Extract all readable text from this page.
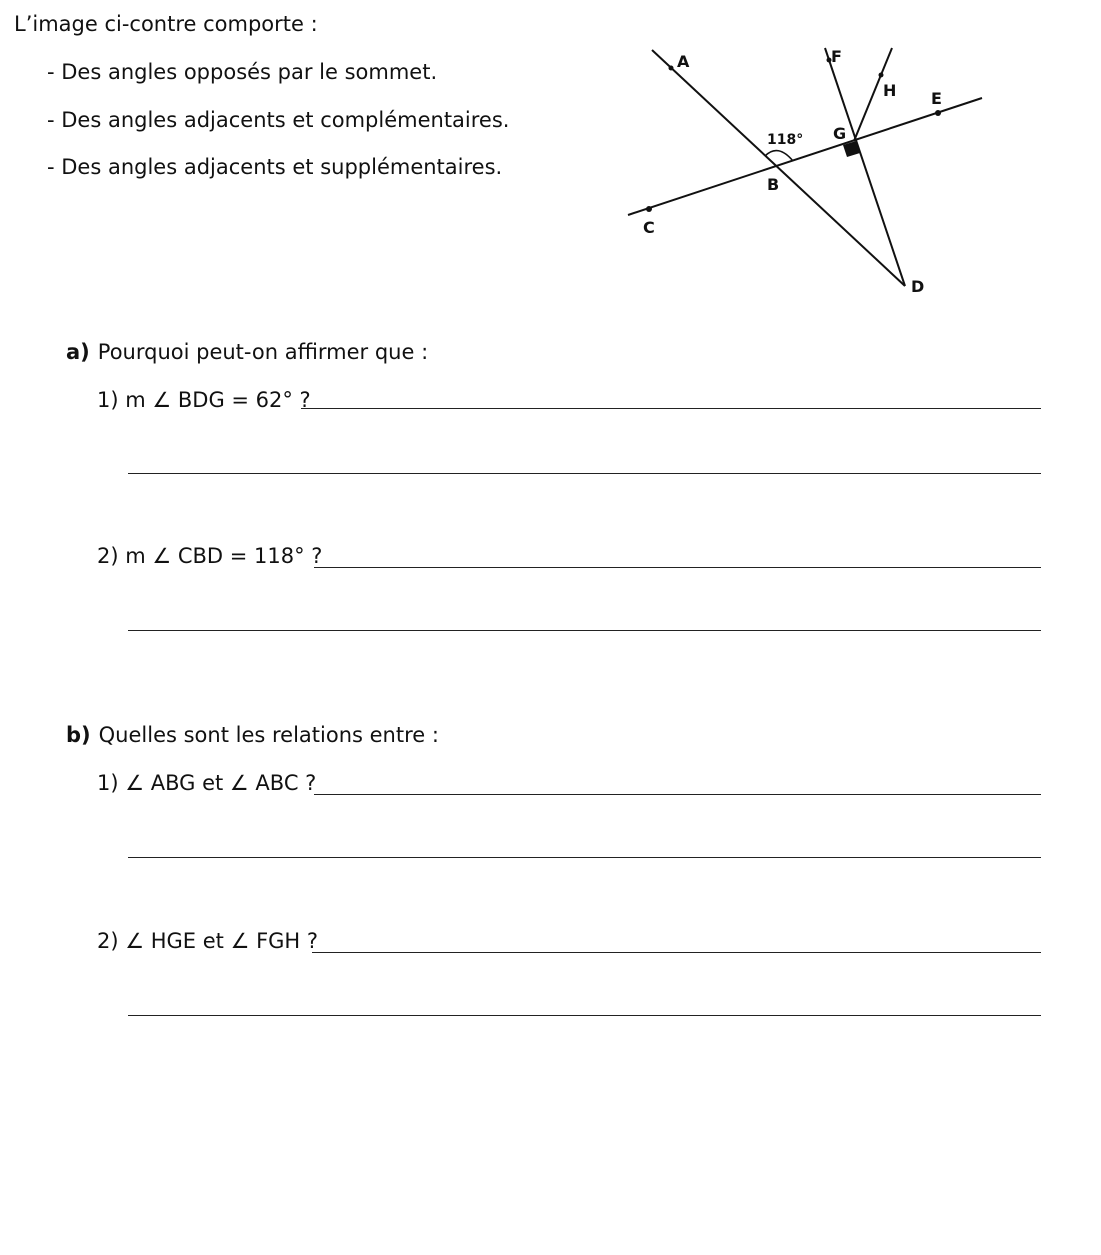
L’image ci-contre comporte :
- Des angles opposés par le sommet.
- Des angles adjacents et complémentaires.
- Des angles adjacents et supplémentaires.
A	F
H E
G
B
C
D
118°
a) Pourquoi peut-on affirmer que :
1) m ∠ BDG = 62° ?
2) m ∠ CBD = 118° ?
b) Quelles sont les relations entre :
1) ∠ ABG et ∠ ABC ?
2) ∠ HGE et ∠ FGH ?
